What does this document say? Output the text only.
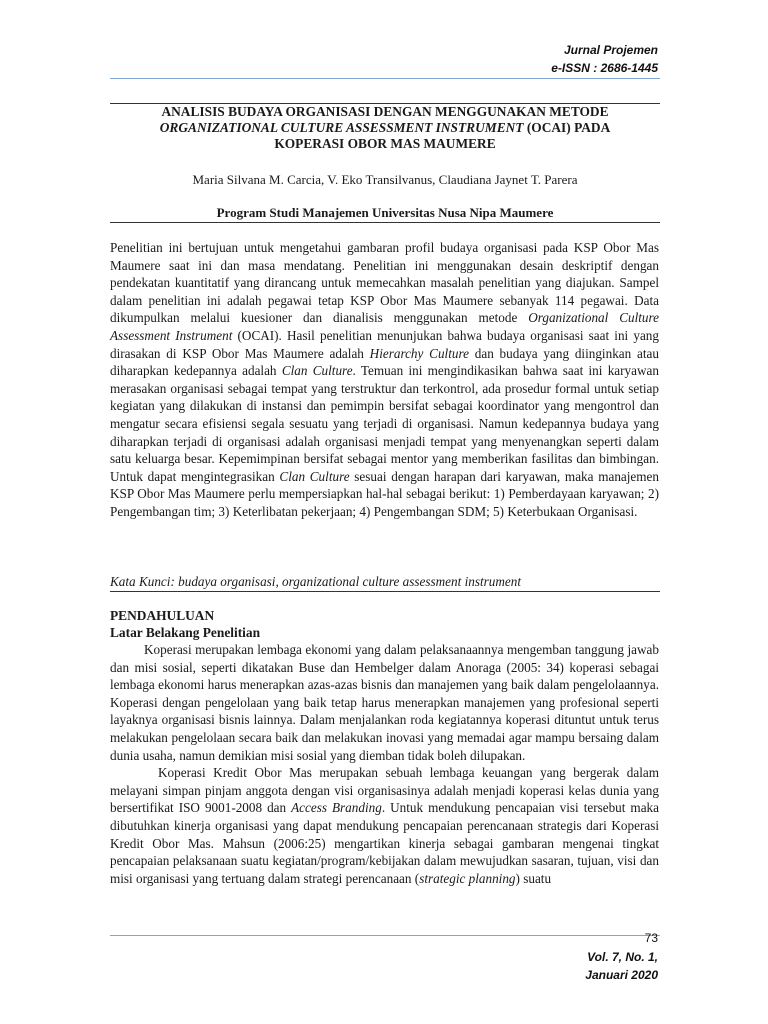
Jurnal Projemen
e-ISSN : 2686-1445
ANALISIS BUDAYA ORGANISASI DENGAN MENGGUNAKAN METODE
ORGANIZATIONAL CULTURE ASSESSMENT INSTRUMENT (OCAI) PADA
KOPERASI OBOR MAS MAUMERE
Maria Silvana M. Carcia, V. Eko Transilvanus, Claudiana Jaynet T. Parera
Program Studi Manajemen Universitas Nusa Nipa Maumere

Penelitian ini bertujuan untuk mengetahui gambaran profil budaya organisasi pada KSP Obor Mas Maumere saat ini dan masa mendatang. Penelitian ini menggunakan desain deskriptif dengan pendekatan kuantitatif yang dirancang untuk memecahkan masalah penelitian yang diajukan. Sampel dalam penelitian ini adalah pegawai tetap KSP Obor Mas Maumere sebanyak 114 pegawai. Data dikumpulkan melalui kuesioner dan dianalisis menggunakan metode Organizational Culture Assessment Instrument (OCAI). Hasil penelitian menunjukan bahwa budaya organisasi saat ini yang dirasakan di KSP Obor Mas Maumere adalah Hierarchy Culture dan budaya yang diinginkan atau diharapkan kedepannya adalah Clan Culture. Temuan ini mengindikasikan bahwa saat ini karyawan merasakan organisasi sebagai tempat yang terstruktur dan terkontrol, ada prosedur formal untuk setiap kegiatan yang dilakukan di instansi dan pemimpin bersifat sebagai koordinator yang mengontrol dan mengatur secara efisiensi segala sesuatu yang terjadi di organisasi. Namun kedepannya budaya yang diharapkan terjadi di organisasi adalah organisasi menjadi tempat yang menyenangkan seperti dalam satu keluarga besar. Kepemimpinan bersifat sebagai mentor yang memberikan fasilitas dan bimbingan. Untuk dapat mengintegrasikan Clan Culture sesuai dengan harapan dari karyawan, maka manajemen KSP Obor Mas Maumere perlu mempersiapkan hal-hal sebagai berikut: 1) Pemberdayaan karyawan; 2) Pengembangan tim; 3) Keterlibatan pekerjaan; 4) Pengembangan SDM; 5) Keterbukaan Organisasi.

Kata Kunci: budaya organisasi, organizational culture assessment instrument

PENDAHULUAN

Latar Belakang Penelitian

Koperasi merupakan lembaga ekonomi yang dalam pelaksanaannya mengemban tanggung jawab dan misi sosial, seperti dikatakan Buse dan Hembelger dalam Anoraga (2005: 34) koperasi sebagai lembaga ekonomi harus menerapkan azas-azas bisnis dan manajemen yang baik dalam pengelolaannya. Koperasi dengan pengelolaan yang baik tetap harus menerapkan manajemen yang profesional seperti layaknya organisasi bisnis lainnya. Dalam menjalankan roda kegiatannya koperasi dituntut untuk terus melakukan pengelolaan secara baik dan melakukan inovasi yang memadai agar mampu bersaing dalam dunia usaha, namun demikian misi sosial yang diemban tidak boleh dilupakan.

Koperasi Kredit Obor Mas merupakan sebuah lembaga keuangan yang bergerak dalam melayani simpan pinjam anggota dengan visi organisasinya adalah menjadi koperasi kelas dunia yang bersertifikat ISO 9001-2008 dan Access Branding. Untuk mendukung pencapaian visi tersebut maka dibutuhkan kinerja organisasi yang dapat mendukung pencapaian perencanaan strategis dari Koperasi Kredit Obor Mas. Mahsun (2006:25) mengartikan kinerja sebagai gambaran mengenai tingkat pencapaian pelaksanaan suatu kegiatan/program/kebijakan dalam mewujudkan sasaran, tujuan, visi dan misi organisasi yang tertuang dalam strategi perencanaan (strategic planning) suatu

73
Vol. 7, No. 1,
Januari 2020
